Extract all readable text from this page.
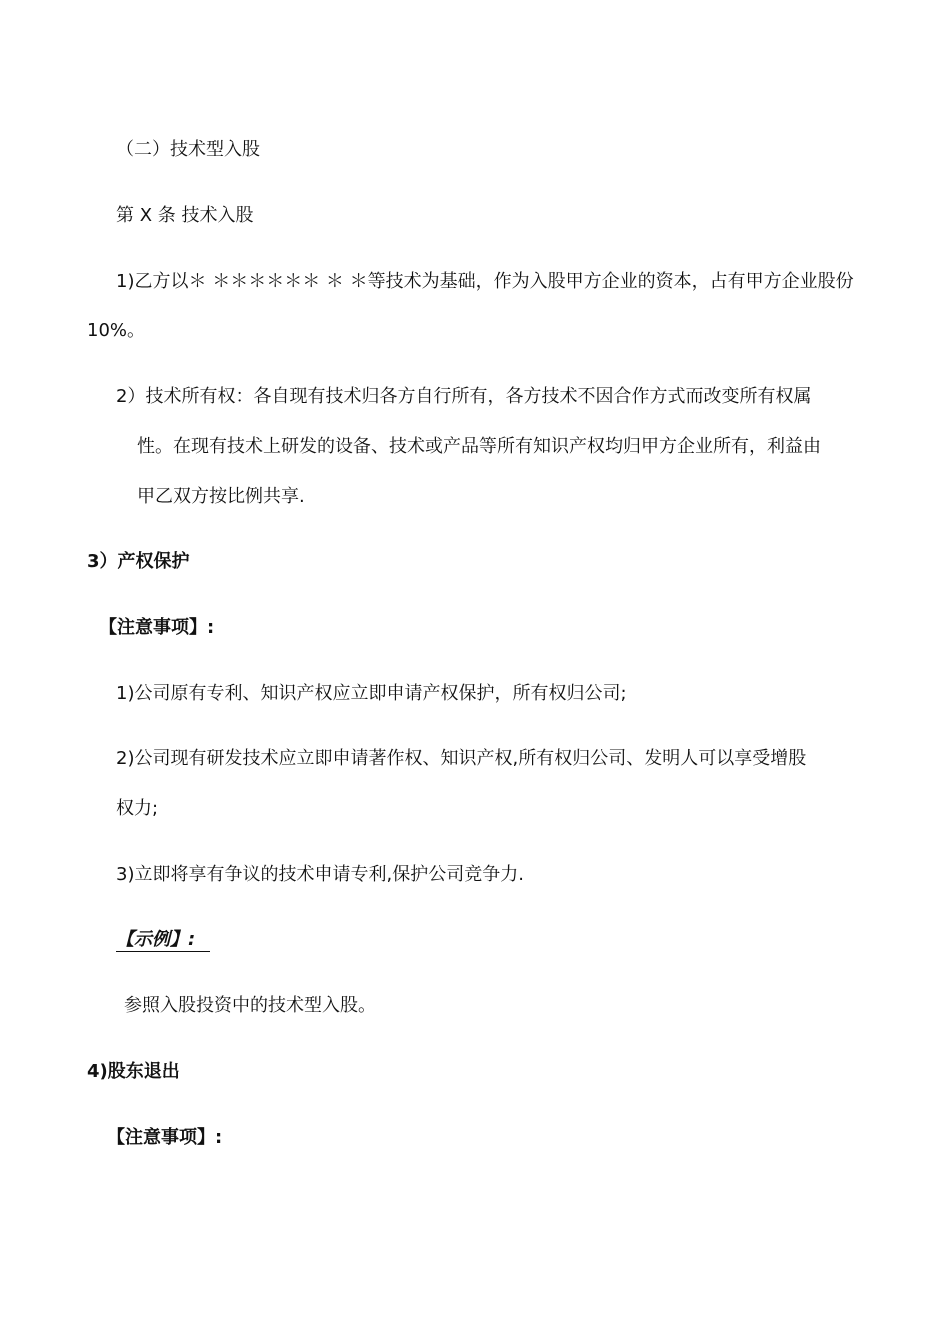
（二）技术型入股
第 X 条 技术入股
1)乙方以＊ ＊＊＊＊＊＊ ＊ ＊等技术为基础，作为入股甲方企业的资本，占有甲方企业股份
10%。
2）技术所有权：各自现有技术归各方自行所有，各方技术不因合作方式而改变所有权属
性。在现有技术上研发的设备、技术或产品等所有知识产权均归甲方企业所有，利益由
甲乙双方按比例共享.
3）产权保护
【注意事项】:
1)公司原有专利、知识产权应立即申请产权保护，所有权归公司;
2)公司现有研发技术应立即申请著作权、知识产权,所有权归公司、发明人可以享受增股
权力;
3)立即将享有争议的技术申请专利,保护公司竞争力.
【示例】:
参照入股投资中的技术型入股。
4)股东退出
【注意事项】:
